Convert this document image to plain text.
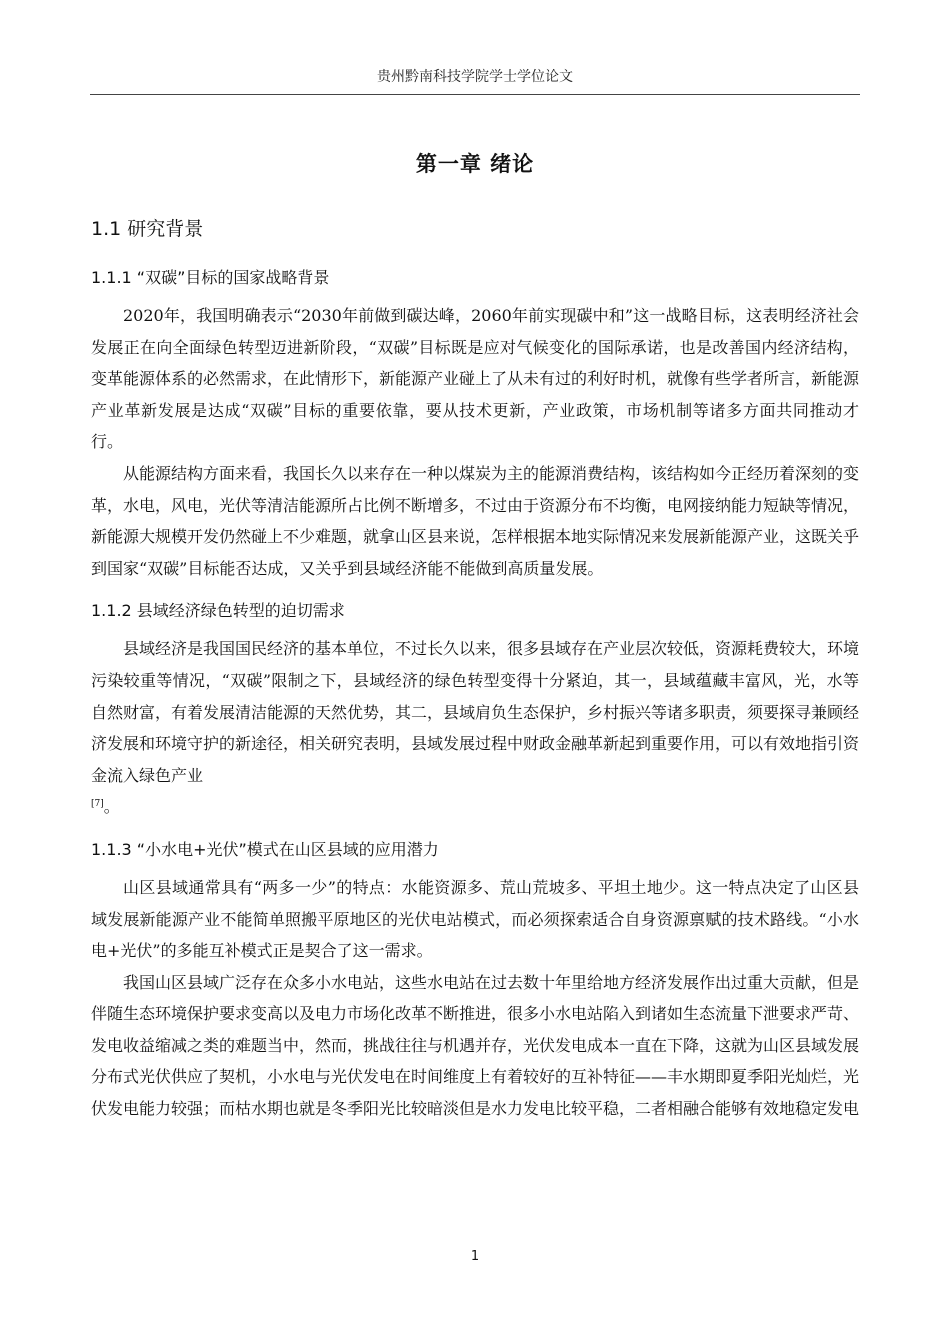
贵州黔南科技学院学士学位论文
第一章 绪论
1.1 研究背景
1.1.1 “双碳”目标的国家战略背景

2020年，我国明确表示“2030年前做到碳达峰，2060年前实现碳中和”这一战略目标，这表明经济社会发展正在向全面绿色转型迈进新阶段，“双碳”目标既是应对气候变化的国际承诺，也是改善国内经济结构，变革能源体系的必然需求，在此情形下，新能源产业碰上了从未有过的利好时机，就像有些学者所言，新能源产业革新发展是达成“双碳”目标的重要依靠，要从技术更新，产业政策，市场机制等诸多方面共同推动才行。

从能源结构方面来看，我国长久以来存在一种以煤炭为主的能源消费结构，该结构如今正经历着深刻的变革，水电，风电，光伏等清洁能源所占比例不断增多，不过由于资源分布不均衡，电网接纳能力短缺等情况，新能源大规模开发仍然碰上不少难题，就拿山区县来说，怎样根据本地实际情况来发展新能源产业，这既关乎到国家“双碳”目标能否达成，又关乎到县域经济能不能做到高质量发展。

1.1.2 县域经济绿色转型的迫切需求

县域经济是我国国民经济的基本单位，不过长久以来，很多县域存在产业层次较低，资源耗费较大，环境污染较重等情况，“双碳”限制之下，县域经济的绿色转型变得十分紧迫，其一，县域蕴藏丰富风，光，水等自然财富，有着发展清洁能源的天然优势，其二，县域肩负生态保护，乡村振兴等诸多职责，须要探寻兼顾经济发展和环境守护的新途径，相关研究表明，县域发展过程中财政金融革新起到重要作用，可以有效地指引资金流入绿色产业
[7]。

1.1.3 “小水电+光伏”模式在山区县域的应用潜力

山区县域通常具有“两多一少”的特点：水能资源多、荒山荒坡多、平坦土地少。这一特点决定了山区县域发展新能源产业不能简单照搬平原地区的光伏电站模式，而必须探索适合自身资源禀赋的技术路线。“小水电+光伏”的多能互补模式正是契合了这一需求。

我国山区县域广泛存在众多小水电站，这些水电站在过去数十年里给地方经济发展作出过重大贡献，但是伴随生态环境保护要求变高以及电力市场化改革不断推进，很多小水电站陷入到诸如生态流量下泄要求严苛、发电收益缩减之类的难题当中，然而，挑战往往与机遇并存，光伏发电成本一直在下降，这就为山区县域发展分布式光伏供应了契机，小水电与光伏发电在时间维度上有着较好的互补特征——丰水期即夏季阳光灿烂，光伏发电能力较强；而枯水期也就是冬季阳光比较暗淡但是水力发电比较平稳，二者相融合能够有效地稳定发电

1
